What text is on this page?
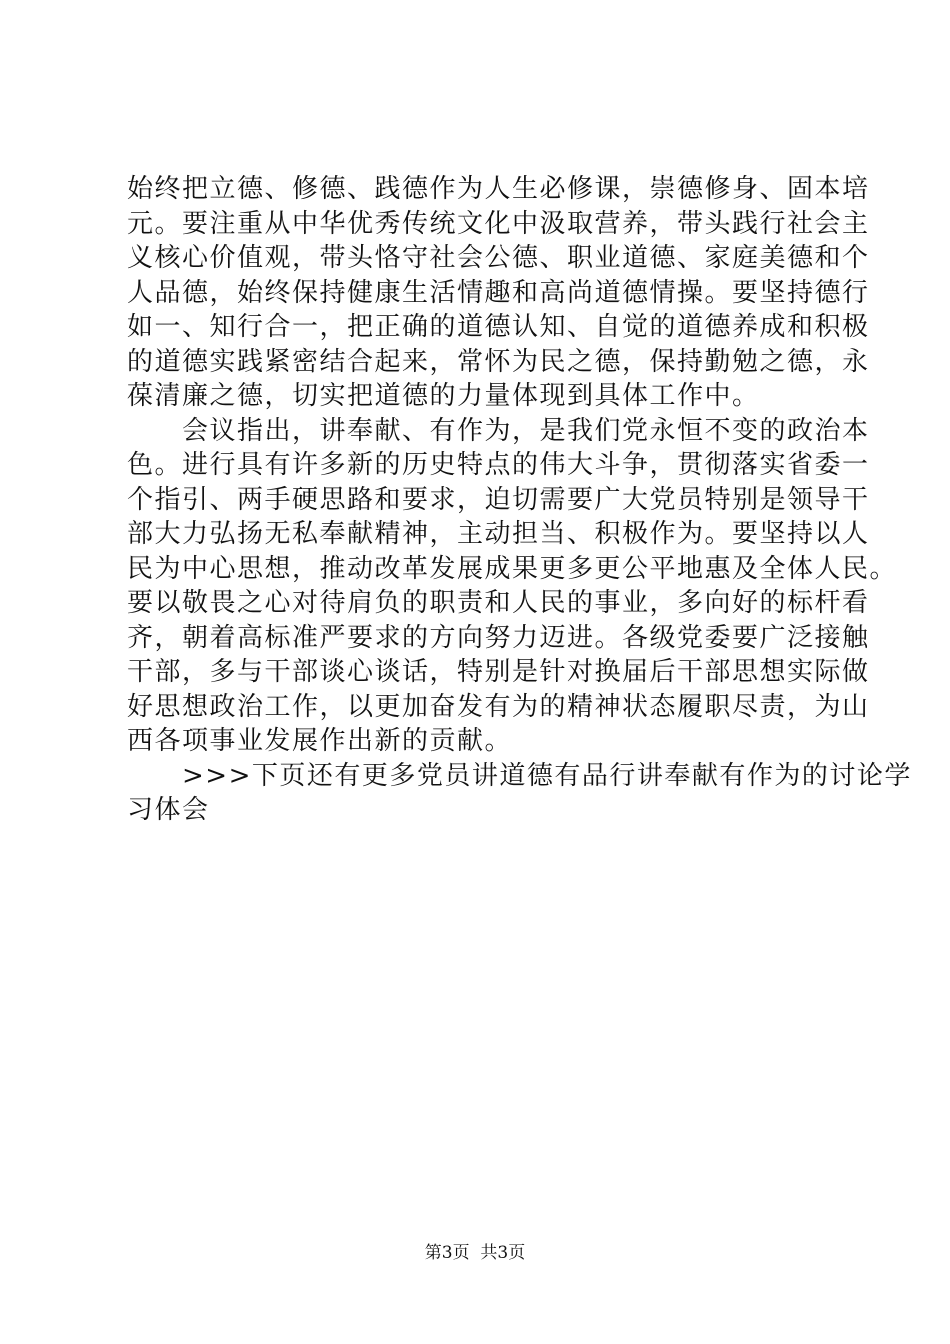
始终把立德、修德、践德作为人生必修课，崇德修身、固本培
元。要注重从中华优秀传统文化中汲取营养，带头践行社会主
义核心价值观，带头恪守社会公德、职业道德、家庭美德和个
人品德，始终保持健康生活情趣和高尚道德情操。要坚持德行
如一、知行合一，把正确的道德认知、自觉的道德养成和积极
的道德实践紧密结合起来，常怀为民之德，保持勤勉之德，永
葆清廉之德，切实把道德的力量体现到具体工作中。
　　会议指出，讲奉献、有作为，是我们党永恒不变的政治本
色。进行具有许多新的历史特点的伟大斗争，贯彻落实省委一
个指引、两手硬思路和要求，迫切需要广大党员特别是领导干
部大力弘扬无私奉献精神，主动担当、积极作为。要坚持以人
民为中心思想，推动改革发展成果更多更公平地惠及全体人民。
要以敬畏之心对待肩负的职责和人民的事业，多向好的标杆看
齐，朝着高标准严要求的方向努力迈进。各级党委要广泛接触
干部，多与干部谈心谈话，特别是针对换届后干部思想实际做
好思想政治工作，以更加奋发有为的精神状态履职尽责，为山
西各项事业发展作出新的贡献。
　　>>>下页还有更多党员讲道德有品行讲奉献有作为的讨论学
习体会
第3页  共3页
